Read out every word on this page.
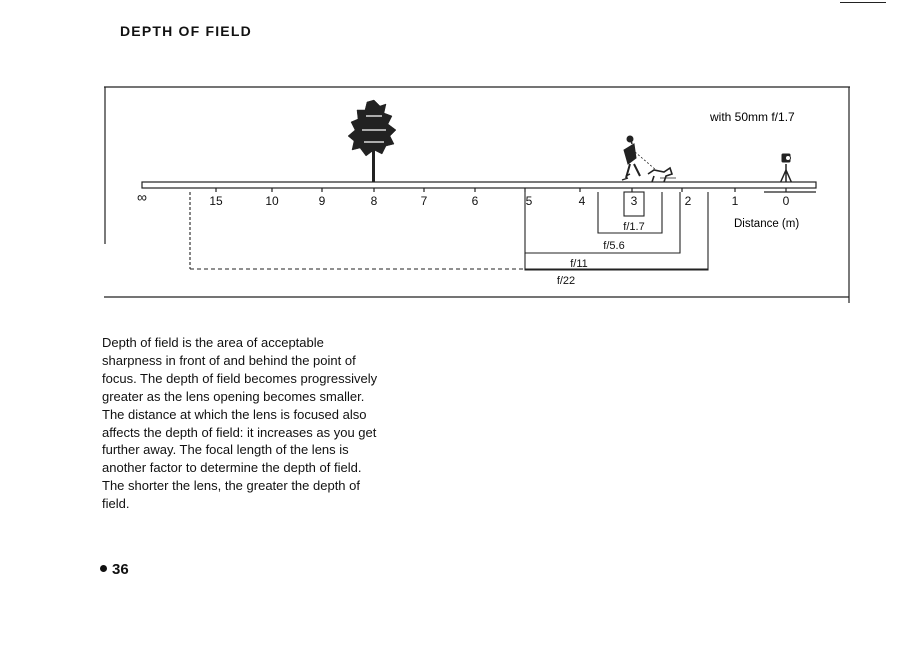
DEPTH OF FIELD
with 50mm f/1.7
∞	15	10	9	8	7	6	5	4	3	2	1	0
Distance (m)
f/1.7
f/5.6
f/11
f/22

Depth of field is the area of acceptable
sharpness in front of and behind the point of
focus. The depth of field becomes progressively
greater as the lens opening becomes smaller.
The distance at which the lens is focused also
affects the depth of field: it increases as you get
further away. The focal length of the lens is
another factor to determine the depth of field.
The shorter the lens, the greater the depth of
field.

36
